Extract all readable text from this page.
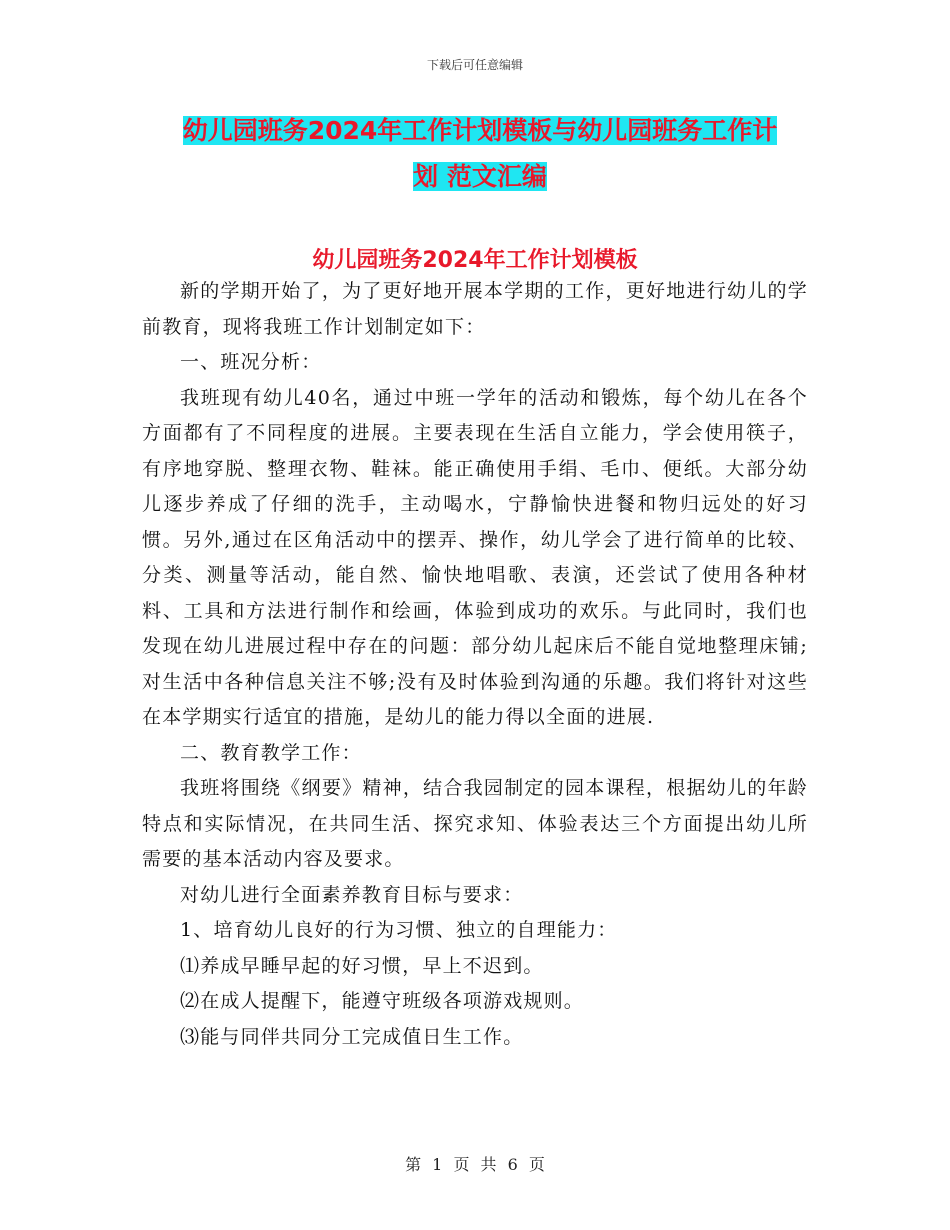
下载后可任意编辑
幼儿园班务2024年工作计划模板与幼儿园班务工作计
划 范文汇编
幼儿园班务2024年工作计划模板

新的学期开始了，为了更好地开展本学期的工作，更好地进行幼儿的学前教育，现将我班工作计划制定如下：

一、班况分析：

我班现有幼儿40名，通过中班一学年的活动和锻炼，每个幼儿在各个方面都有了不同程度的进展。主要表现在生活自立能力，学会使用筷子，有序地穿脱、整理衣物、鞋袜。能正确使用手绢、毛巾、便纸。大部分幼儿逐步养成了仔细的洗手，主动喝水，宁静愉快进餐和物归远处的好习惯。另外,通过在区角活动中的摆弄、操作，幼儿学会了进行简单的比较、分类、测量等活动，能自然、愉快地唱歌、表演，还尝试了使用各种材料、工具和方法进行制作和绘画，体验到成功的欢乐。与此同时，我们也发现在幼儿进展过程中存在的问题：部分幼儿起床后不能自觉地整理床铺;对生活中各种信息关注不够;没有及时体验到沟通的乐趣。我们将针对这些在本学期实行适宜的措施，是幼儿的能力得以全面的进展.

二、教育教学工作：

我班将围绕《纲要》精神，结合我园制定的园本课程，根据幼儿的年龄特点和实际情况，在共同生活、探究求知、体验表达三个方面提出幼儿所需要的基本活动内容及要求。

对幼儿进行全面素养教育目标与要求：

1、培育幼儿良好的行为习惯、独立的自理能力：

⑴养成早睡早起的好习惯，早上不迟到。

⑵在成人提醒下，能遵守班级各项游戏规则。

⑶能与同伴共同分工完成值日生工作。

第 1 页 共 6 页
